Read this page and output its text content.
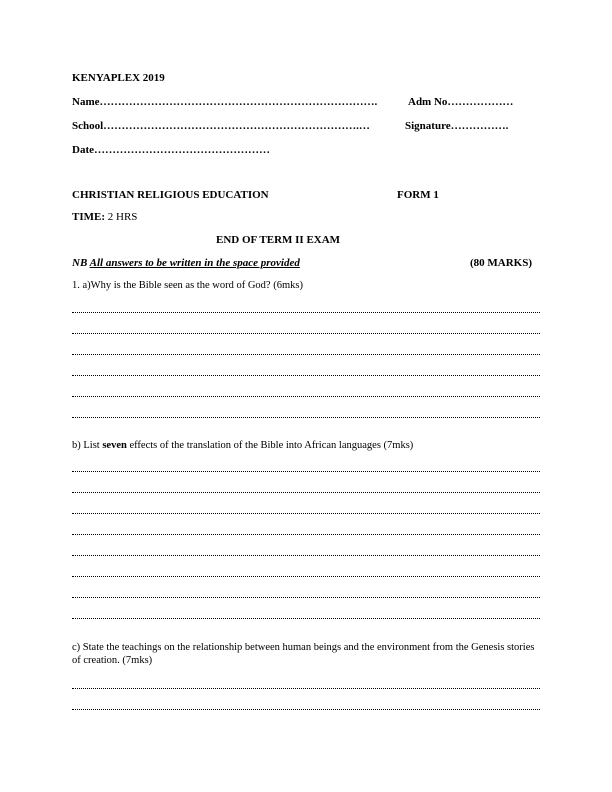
KENYAPLEX 2019
Name………………………………………………………………….	Adm No………………
School…………………………………………………………….…	Signature…………….
Date…………………………………………
CHRISTIAN RELIGIOUS EDUCATION	FORM 1
TIME: 2 HRS
END OF TERM II EXAM
NB All answers to be written in the space provided	(80 MARKS)
1. a)Why is the Bible seen as the word of God? (6mks)
b) List seven effects of the translation of the Bible into African languages (7mks)
c) State the teachings on the relationship between human beings and the environment from the Genesis stories of creation. (7mks)
